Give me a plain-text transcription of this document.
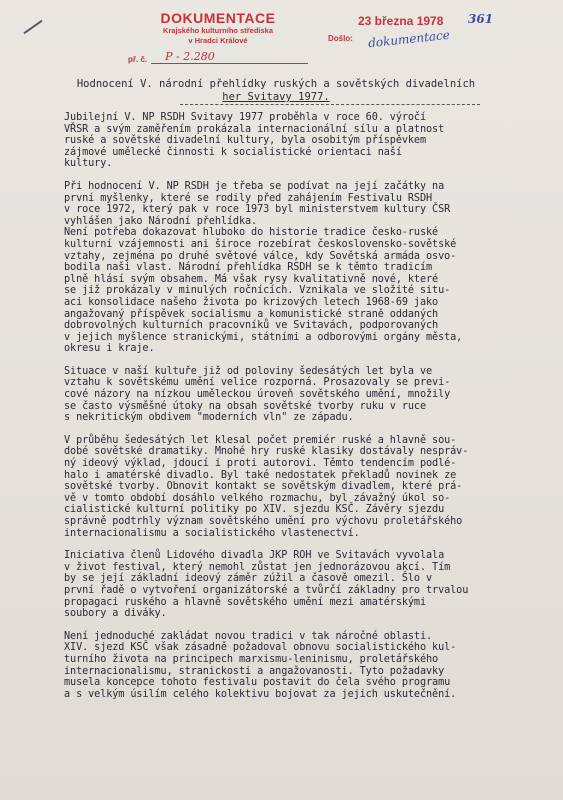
DOKUMENTACE
Krajského kulturního střediska
v Hradci Králové
př. č.	P - 2.280
23 března 1978 361
Došlo: dokumentace
Hodnocení V. národní přehlídky ruských a sovětských divadelních
her Svitavy 1977.

Jubilejní V. NP RSDH Svitavy 1977 proběhla v roce 60. výročí
VŘSR a svým zaměřením prokázala internacionální sílu a platnost
ruské a sovětské divadelní kultury, byla osobitým příspěvkem
zájmové umělecké činnosti k socialistické orientaci naší
kultury.

Při hodnocení V. NP RSDH je třeba se podívat na její začátky na
první myšlenky, které se rodily před zahájením Festivalu RSDH
v roce 1972, který pak v roce 1973 byl ministerstvem kultury ČSR
vyhlášen jako Národní přehlídka.
Není potřeba dokazovat hluboko do historie tradice česko-ruské
kulturní vzájemnosti ani široce rozebírat československo-sovětské
vztahy, zejména po druhé světové válce, kdy Sovětská armáda osvo-
bodila naši vlast. Národní přehlídka RSDH se k těmto tradicím
plně hlásí svým obsahem. Má však rysy kvalitativně nové, které
se již prokázaly v minulých ročnících. Vznikala ve složité situ-
aci konsolidace našeho života po krizových letech 1968-69 jako
angažovaný příspěvek socialismu a komunistické straně oddaných
dobrovolných kulturních pracovníků ve Svitavách, podporovaných
v jejich myšlence stranickými, státními a odborovými orgány města,
okresu i kraje.

Situace v naší kultuře již od poloviny šedesátých let byla ve
vztahu k sovětskému umění velice rozporná. Prosazovaly se previ-
cové názory na nízkou uměleckou úroveň sovětského umění, množily
se často výsměšné útoky na obsah sovětské tvorby ruku v ruce
s nekritickým obdivem "moderních vln" ze západu.

V průběhu šedesátých let klesal počet premiér ruské a hlavně sou-
dobé sovětské dramatiky. Mnohé hry ruské klasiky dostávaly nespráv-
ný ideový výklad, jdoucí i proti autorovi. Těmto tendencím podlé-
halo i amatérské divadlo. Byl také nedostatek překladů novinek ze
sovětské tvorby. Obnovit kontakt se sovětským divadlem, které prá-
vě v tomto období dosáhlo velkého rozmachu, byl závažný úkol so-
cialistické kulturní politiky po XIV. sjezdu KSČ. Závěry sjezdu
správně podtrhly význam sovětského umění pro výchovu proletářského
internacionalismu a socialistického vlastenectví.

Iniciativa členů Lidového divadla JKP ROH ve Svitavách vyvolala
v život festival, který nemohl zůstat jen jednorázovou akcí. Tím
by se její základní ideový záměr zúžil a časově omezil. Šlo v
první řadě o vytvoření organizátorské a tvůrčí základny pro trvalou
propagaci ruského a hlavně sovětského umění mezi amatérskými
soubory a diváky.

Není jednoduché zakládat novou tradici v tak náročné oblasti.
XIV. sjezd KSČ však zásadně požadoval obnovu socialistického kul-
turního života na principech marxismu-leninismu, proletářského
internacionalismu, stranickosti a angažovanosti. Tyto požadavky
musela koncepce tohoto festivalu postavit do čela svého programu
a s velkým úsilím celého kolektivu bojovat za jejich uskutečnění.
